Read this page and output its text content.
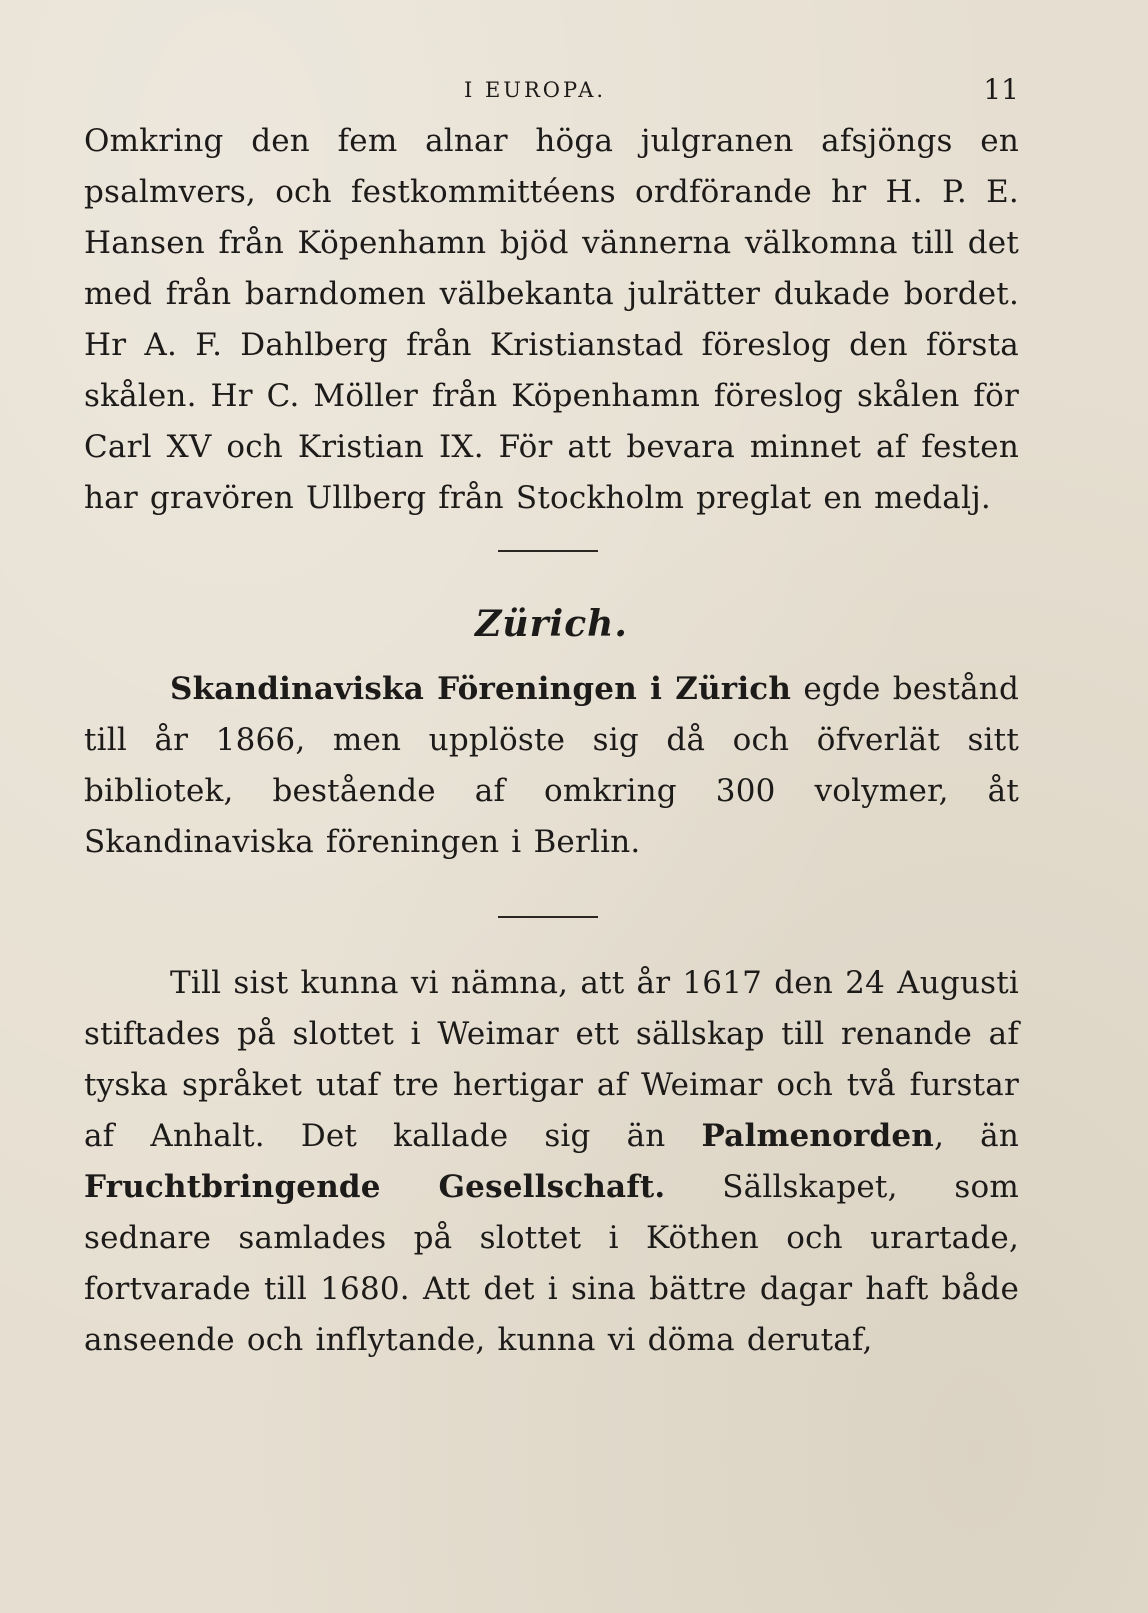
I EUROPA.	11

Omkring den fem alnar höga julgranen afsjöngs en psalmvers, och festkommittéens ordförande hr H. P. E. Hansen från Köpenhamn bjöd vännerna välkomna till det med från barndomen välbekanta julrätter dukade bordet. Hr A. F. Dahlberg från Kristianstad föreslog den första skålen. Hr C. Möller från Köpenhamn föreslog skålen för Carl XV och Kristian IX. För att bevara minnet af festen har gravören Ullberg från Stockholm preglat en medalj.

Zürich.

Skandinaviska Föreningen i Zürich egde bestånd till år 1866, men upplöste sig då och öfverlät sitt bibliotek, bestående af omkring 300 volymer, åt Skandinaviska föreningen i Berlin.

Till sist kunna vi nämna, att år 1617 den 24 Augusti stiftades på slottet i Weimar ett sällskap till renande af tyska språket utaf tre hertigar af Weimar och två furstar af Anhalt. Det kallade sig än Palmenorden, än Fruchtbringende Gesellschaft. Sällskapet, som sednare samlades på slottet i Köthen och urartade, fortvarade till 1680. Att det i sina bättre dagar haft både anseende och inflytande, kunna vi döma derutaf,
